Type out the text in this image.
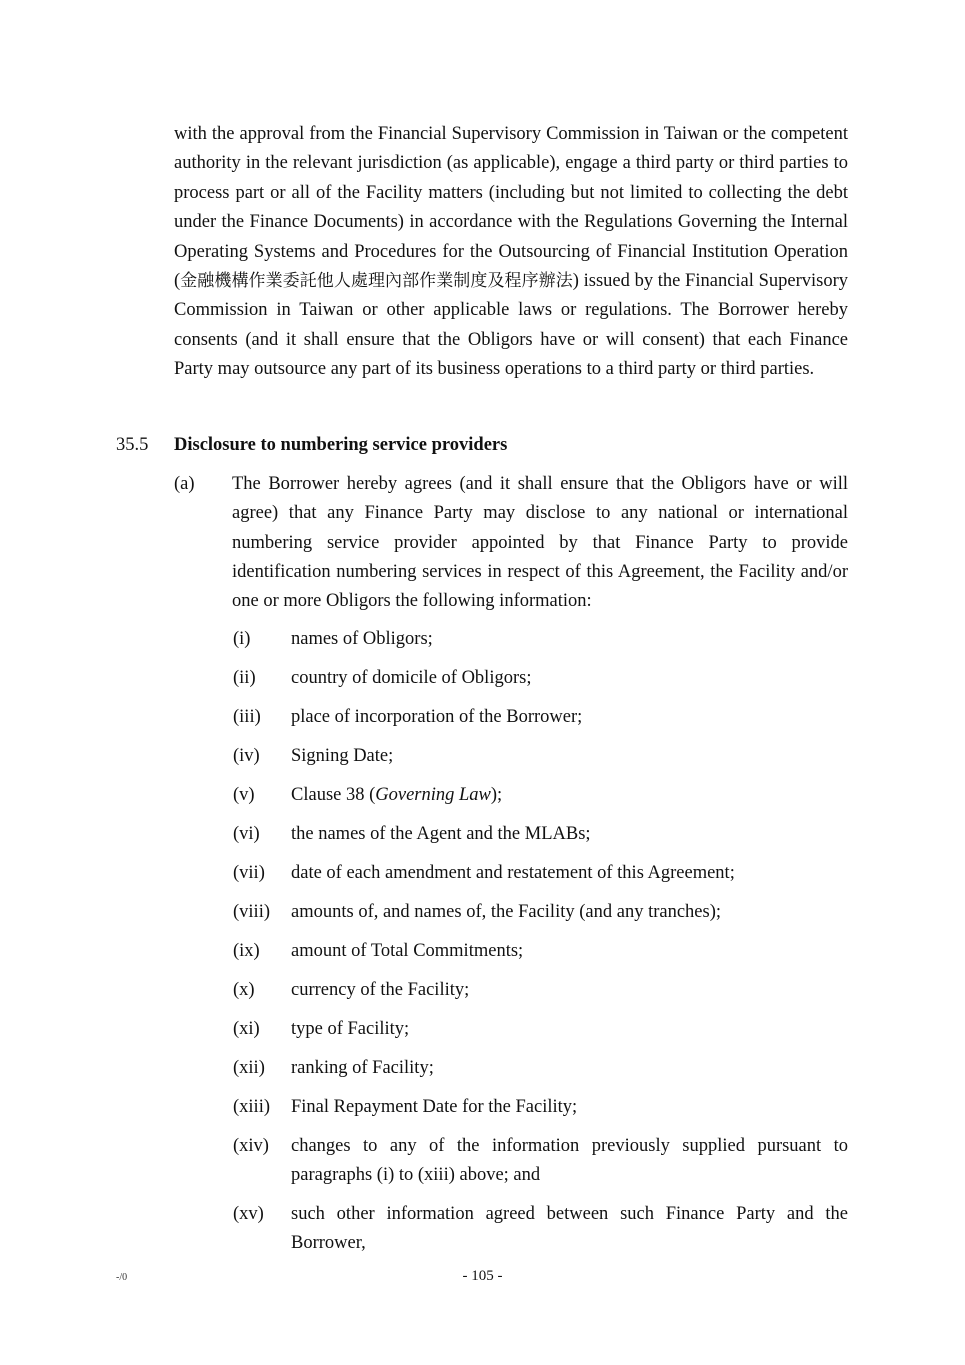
with the approval from the Financial Supervisory Commission in Taiwan or the competent authority in the relevant jurisdiction (as applicable), engage a third party or third parties to process part or all of the Facility matters (including but not limited to collecting the debt under the Finance Documents) in accordance with the Regulations Governing the Internal Operating Systems and Procedures for the Outsourcing of Financial Institution Operation (金融機構作業委託他人處理內部作業制度及程序辦法) issued by the Financial Supervisory Commission in Taiwan or other applicable laws or regulations. The Borrower hereby consents (and it shall ensure that the Obligors have or will consent) that each Finance Party may outsource any part of its business operations to a third party or third parties.

35.5	Disclosure to numbering service providers
(a) The Borrower hereby agrees (and it shall ensure that the Obligors have or will agree) that any Finance Party may disclose to any national or international numbering service provider appointed by that Finance Party to provide identification numbering services in respect of this Agreement, the Facility and/or one or more Obligors the following information:
(i) names of Obligors;
(ii) country of domicile of Obligors;
(iii) place of incorporation of the Borrower;
(iv) Signing Date;
(v) Clause 38 (Governing Law);
(vi) the names of the Agent and the MLABs;
(vii) date of each amendment and restatement of this Agreement;
(viii) amounts of, and names of, the Facility (and any tranches);
(ix) amount of Total Commitments;
(x) currency of the Facility;
(xi) type of Facility;
(xii) ranking of Facility;
(xiii) Final Repayment Date for the Facility;
(xiv) changes to any of the information previously supplied pursuant to paragraphs (i) to (xiii) above; and
(xv) such other information agreed between such Finance Party and the Borrower,
-/0	- 105 -
